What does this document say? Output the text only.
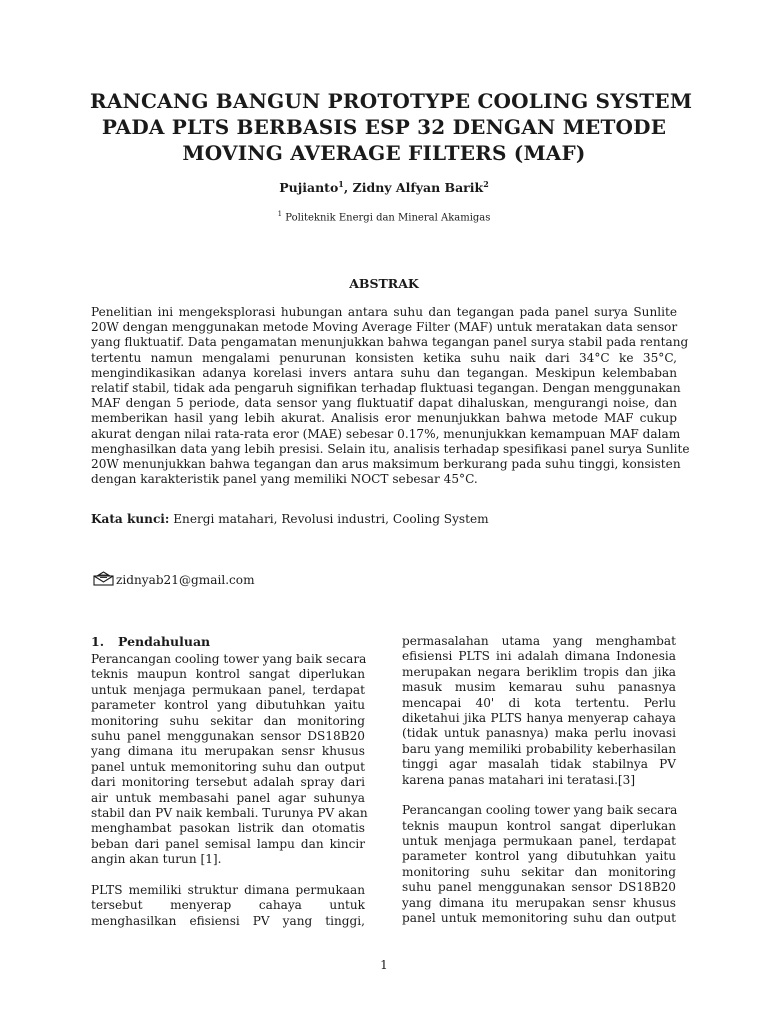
RANCANG BANGUN PROTOTYPE COOLING SYSTEM
PADA PLTS BERBASIS ESP 32 DENGAN METODE
MOVING AVERAGE FILTERS (MAF)
Pujianto$^1$, Zidny Alfyan Barik$^2$
$^1$ Politeknik Energi dan Mineral Akamigas
ABSTRAK
Penelitian ini mengeksplorasi hubungan antara suhu dan tegangan pada panel surya Sunlite
20W dengan menggunakan metode Moving Average Filter (MAF) untuk meratakan data sensor
yang fluktuatif. Data pengamatan menunjukkan bahwa tegangan panel surya stabil pada rentang
tertentu namun mengalami penurunan konsisten ketika suhu naik dari 34°C ke 35°C,
mengindikasikan adanya korelasi invers antara suhu dan tegangan. Meskipun kelembaban
relatif stabil, tidak ada pengaruh signifikan terhadap fluktuasi tegangan. Dengan menggunakan
MAF dengan 5 periode, data sensor yang fluktuatif dapat dihaluskan, mengurangi noise, dan
memberikan hasil yang lebih akurat. Analisis eror menunjukkan bahwa metode MAF cukup
akurat dengan nilai rata-rata eror (MAE) sebesar 0.17%, menunjukkan kemampuan MAF dalam
menghasilkan data yang lebih presisi. Selain itu, analisis terhadap spesifikasi panel surya Sunlite
20W menunjukkan bahwa tegangan dan arus maksimum berkurang pada suhu tinggi, konsisten
dengan karakteristik panel yang memiliki NOCT sebesar 45°C.
Kata kunci: Energi matahari, Revolusi industri, Cooling System
zidnyab21@gmail.com
1. Pendahuluan
Perancangan cooling tower yang baik secara
teknis maupun kontrol sangat diperlukan
untuk menjaga permukaan panel, terdapat
parameter kontrol yang dibutuhkan yaitu
monitoring suhu sekitar dan monitoring
suhu panel menggunakan sensor DS18B20
yang dimana itu merupakan sensr khusus
panel untuk memonitoring suhu dan output
dari monitoring tersebut adalah spray dari
air untuk membasahi panel agar suhunya
stabil dan PV naik kembali. Turunya PV akan
menghambat pasokan listrik dan otomatis
beban dari panel semisal lampu dan kincir
angin akan turun [1].
PLTS memiliki struktur dimana permukaan
tersebut menyerap cahaya untuk
menghasilkan efisiensi PV yang tinggi,
permasalahan utama yang menghambat
efisiensi PLTS ini adalah dimana Indonesia
merupakan negara beriklim tropis dan jika
masuk musim kemarau suhu panasnya
mencapai 40' di kota tertentu. Perlu
diketahui jika PLTS hanya menyerap cahaya
(tidak untuk panasnya) maka perlu inovasi
baru yang memiliki probability keberhasilan
tinggi agar masalah tidak stabilnya PV
karena panas matahari ini teratasi.[3]
Perancangan cooling tower yang baik secara
teknis maupun kontrol sangat diperlukan
untuk menjaga permukaan panel, terdapat
parameter kontrol yang dibutuhkan yaitu
monitoring suhu sekitar dan monitoring
suhu panel menggunakan sensor DS18B20
yang dimana itu merupakan sensr khusus
panel untuk memonitoring suhu dan output
1
